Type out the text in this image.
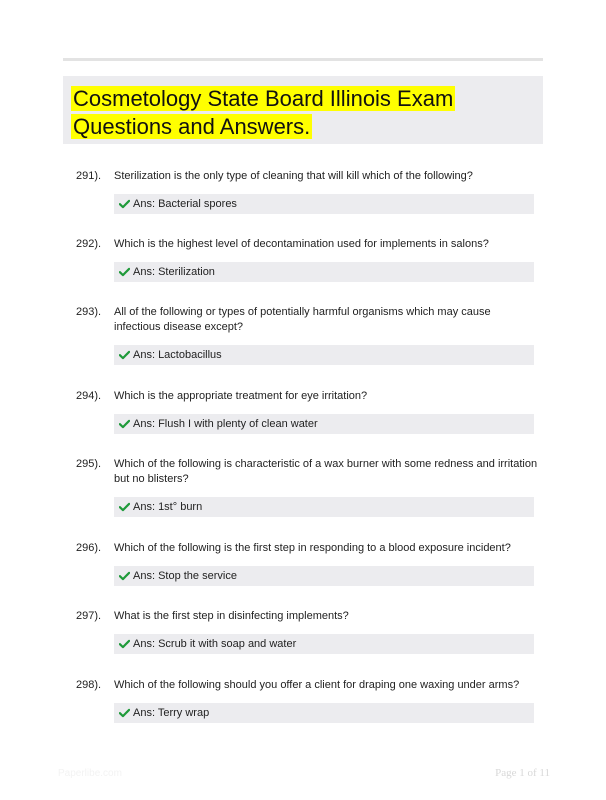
Cosmetology State Board Illinois Exam Questions and Answers.
291). Sterilization is the only type of cleaning that will kill which of the following?
Ans: Bacterial spores
292). Which is the highest level of decontamination used for implements in salons?
Ans: Sterilization
293). All of the following or types of potentially harmful organisms which may cause infectious disease except?
Ans: Lactobacillus
294). Which is the appropriate treatment for eye irritation?
Ans: Flush I with plenty of clean water
295). Which of the following is characteristic of a wax burner with some redness and irritation but no blisters?
Ans: 1st° burn
296). Which of the following is the first step in responding to a blood exposure incident?
Ans: Stop the service
297). What is the first step in disinfecting implements?
Ans: Scrub it with soap and water
298). Which of the following should you offer a client for draping one waxing under arms?
Ans: Terry wrap
Paperlibe.com	Page 1 of 11
